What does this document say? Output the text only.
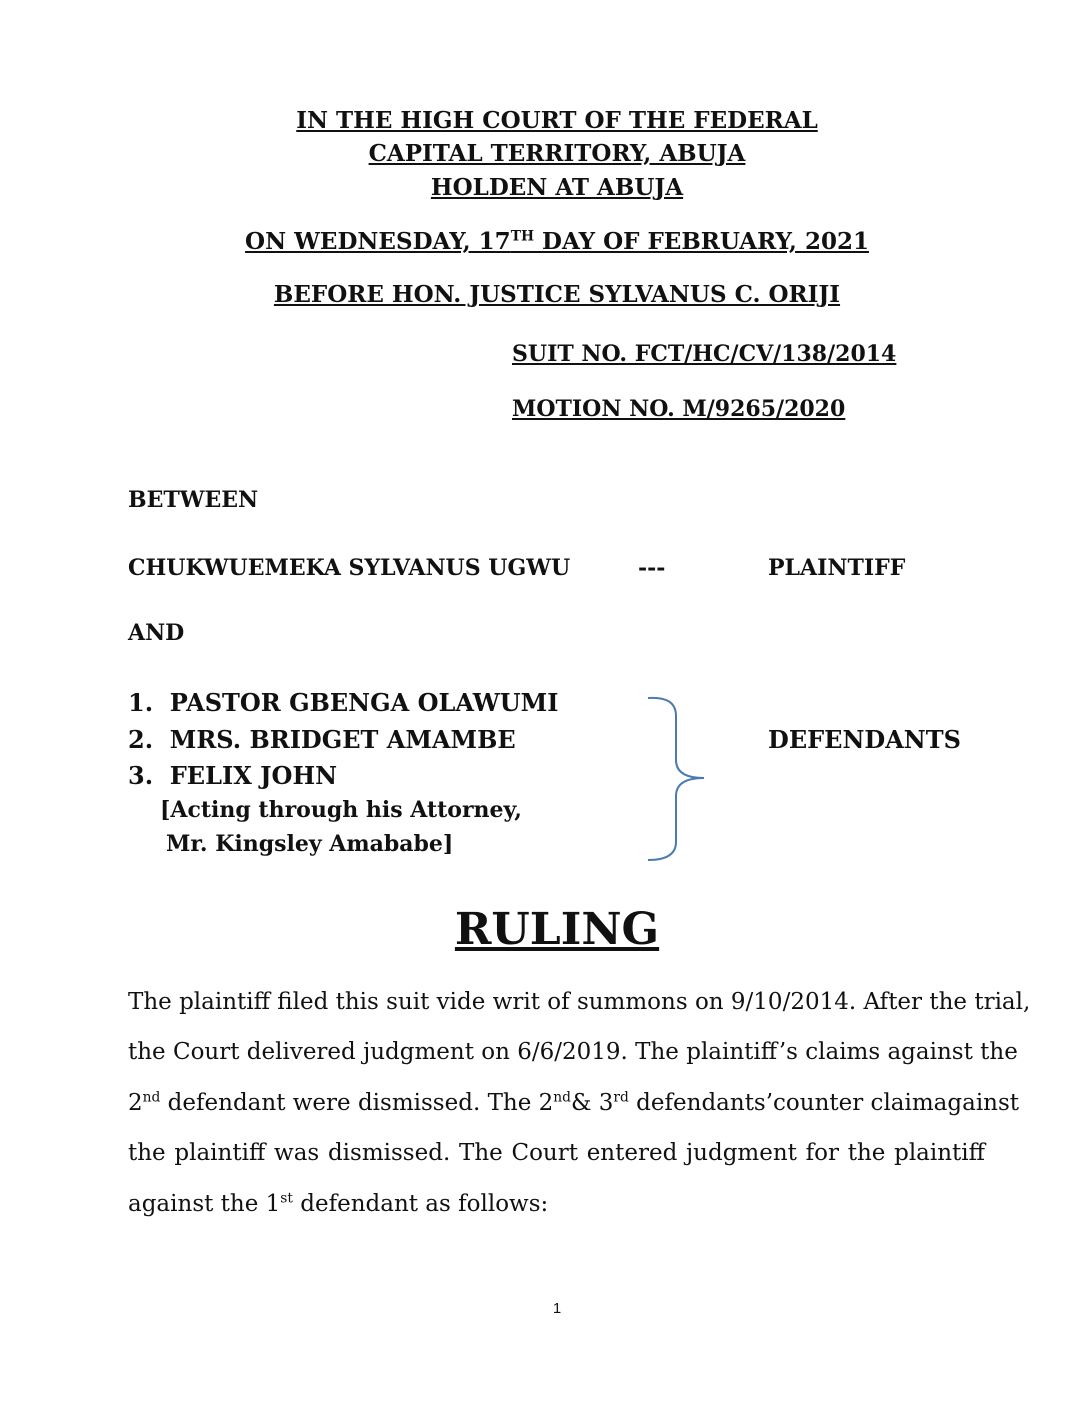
IN THE HIGH COURT OF THE FEDERAL
CAPITAL TERRITORY, ABUJA
HOLDEN AT ABUJA
ON WEDNESDAY, 17TH DAY OF FEBRUARY, 2021
BEFORE HON. JUSTICE SYLVANUS C. ORIJI
SUIT NO. FCT/HC/CV/138/2014
MOTION NO. M/9265/2020
BETWEEN
CHUKWUEMEKA SYLVANUS UGWU	---	PLAINTIFF
AND
1.  PASTOR GBENGA OLAWUMI
2.  MRS. BRIDGET AMAMBE
3.  FELIX JOHN
[Acting through his Attorney,
Mr. Kingsley Amababe]
DEFENDANTS
RULING
The plaintiff filed this suit vide writ of summons on 9/10/2014. After the trial,
the Court delivered judgment on 6/6/2019. The plaintiff’s claims against the
2nd defendant were dismissed. The 2nd& 3rd defendants’counter claimagainst
the plaintiff was dismissed. The Court entered judgment for the plaintiff
against the 1st defendant as follows:
1
